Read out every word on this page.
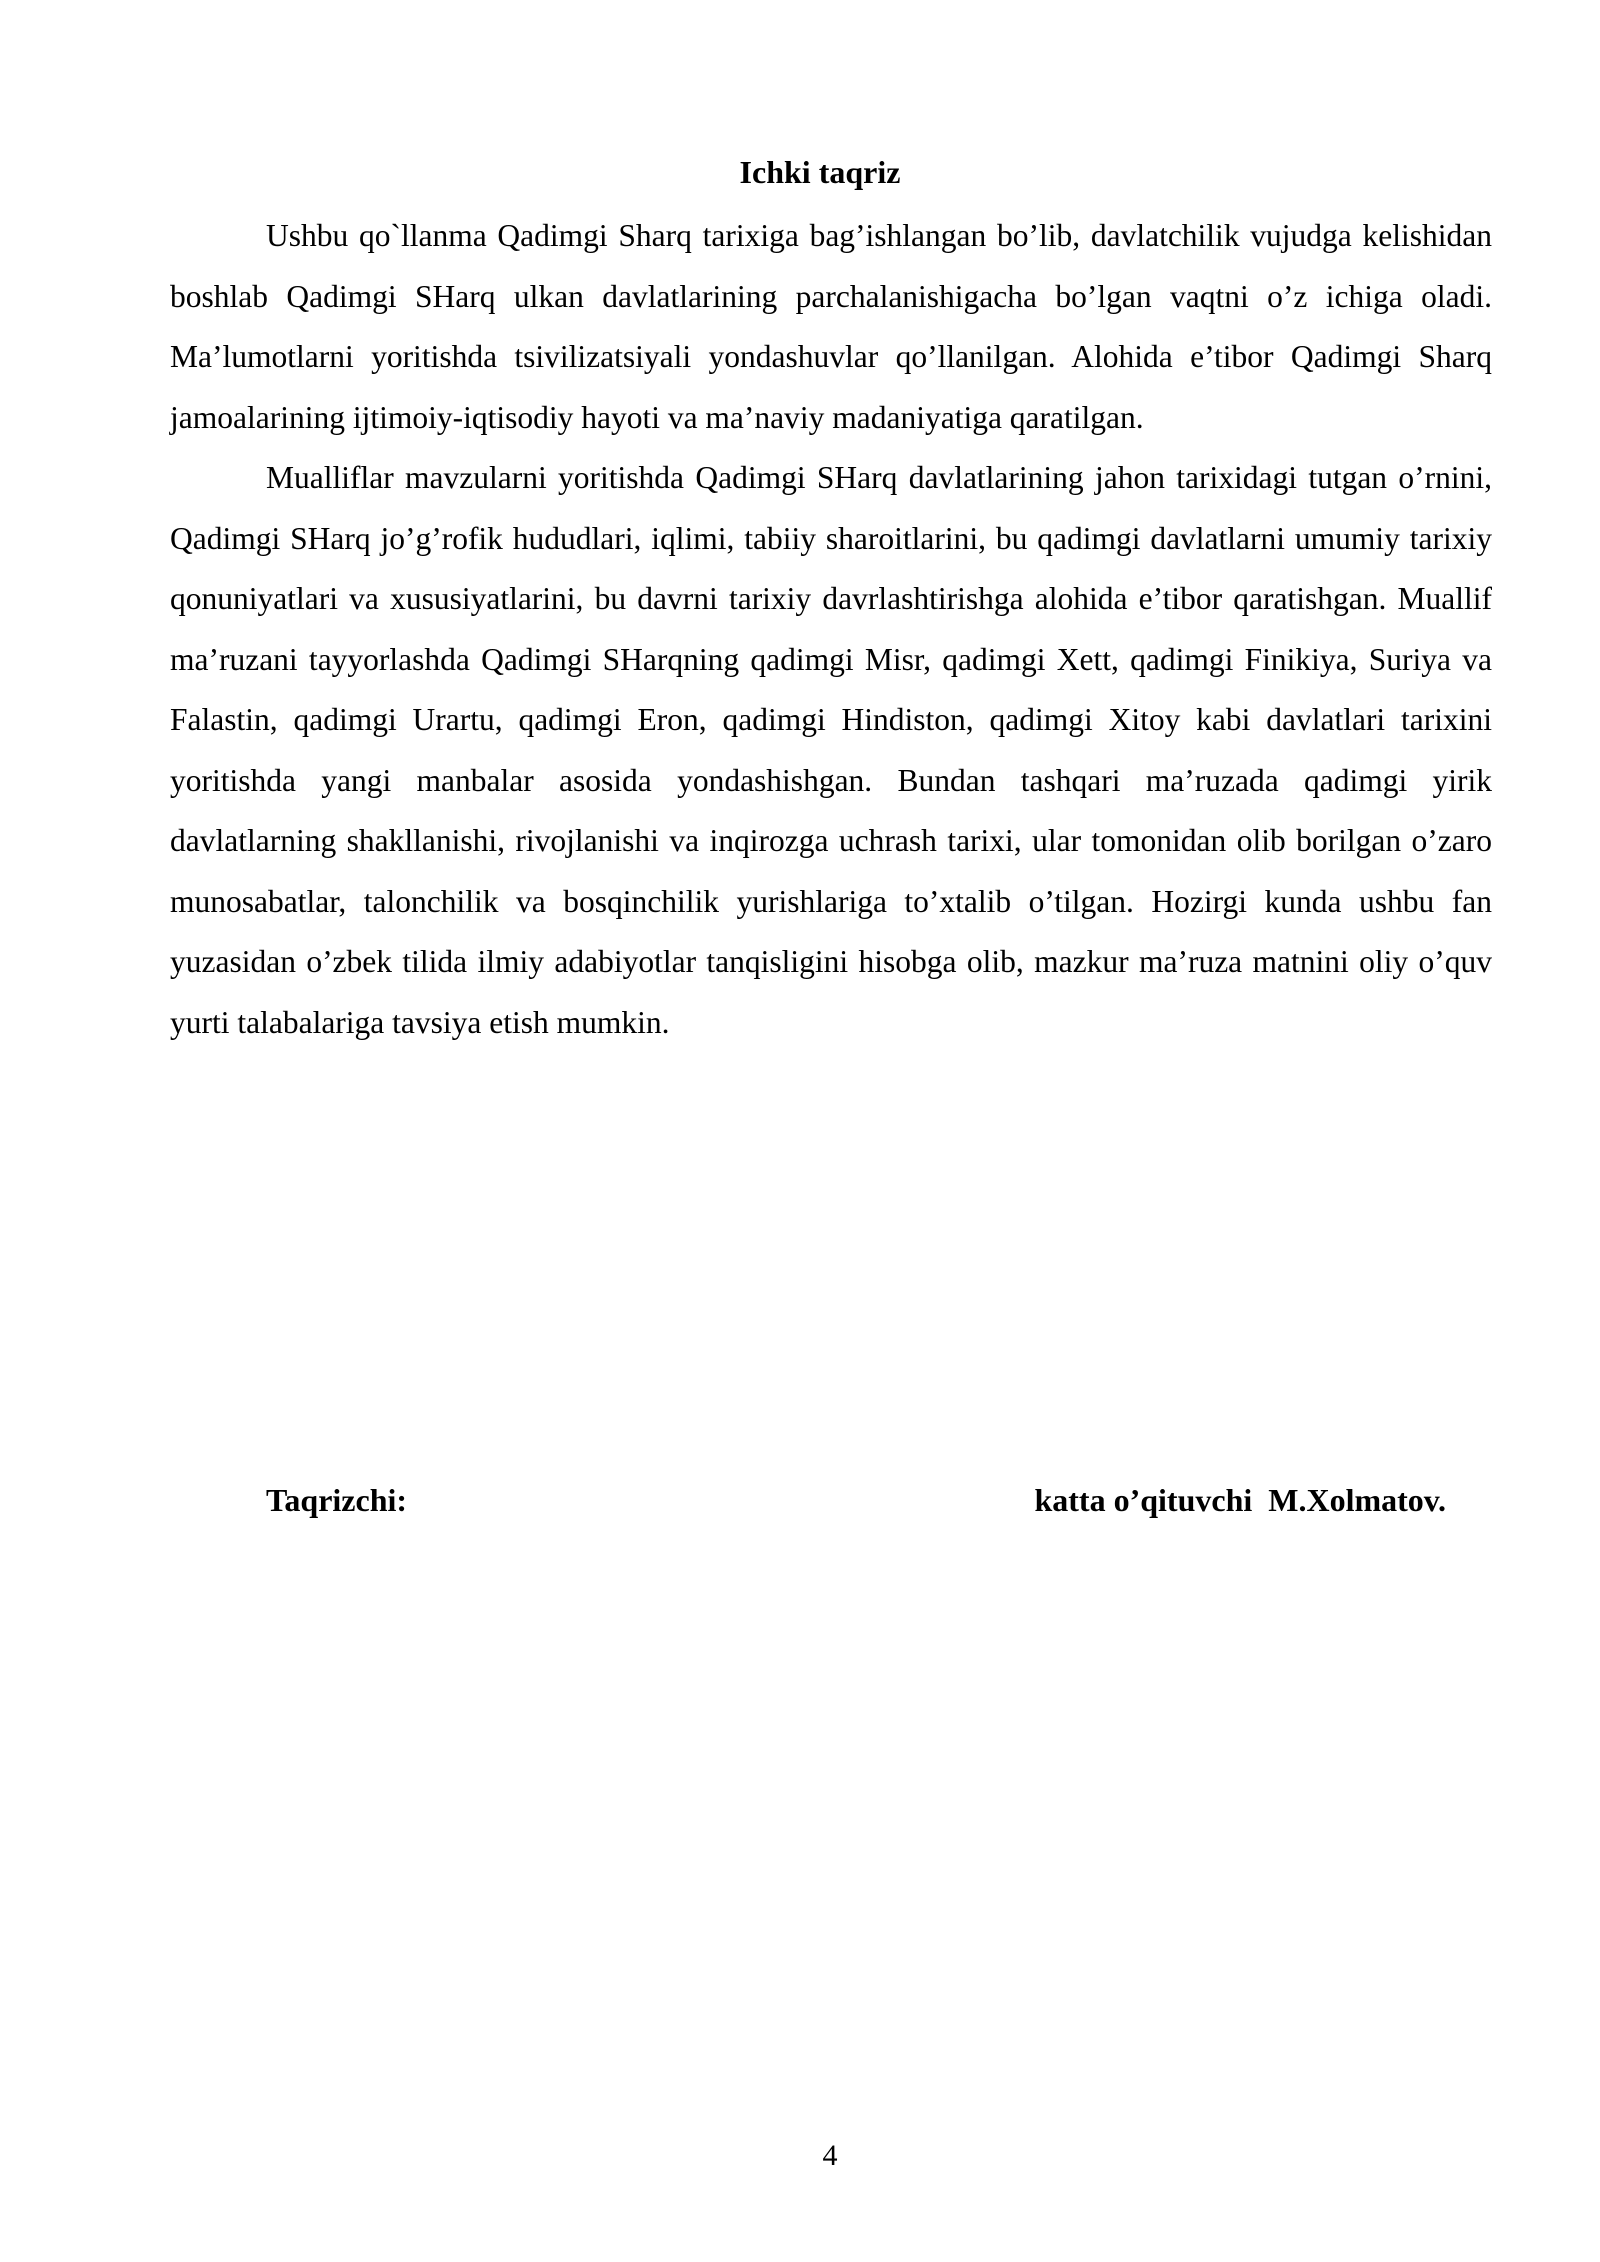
Ichki taqriz

Ushbu qo`llanma Qadimgi Sharq tarixiga bag’ishlangan bo’lib, davlatchilik vujudga kelishidan boshlab Qadimgi SHarq ulkan davlatlarining parchalanishigacha bo’lgan vaqtni o’z ichiga oladi. Ma’lumotlarni yoritishda tsivilizatsiyali yondashuvlar qo’llanilgan. Alohida e’tibor Qadimgi Sharq jamoalarining ijtimoiy-iqtisodiy hayoti va ma’naviy madaniyatiga qaratilgan.

Mualliflar mavzularni yoritishda Qadimgi SHarq davlatlarining jahon tarixidagi tutgan o’rnini, Qadimgi SHarq jo’g’rofik hududlari, iqlimi, tabiiy sharoitlarini, bu qadimgi davlatlarni umumiy tarixiy qonuniyatlari va xususiyatlarini, bu davrni tarixiy davrlashtirishga alohida e’tibor qaratishgan. Muallif ma’ruzani tayyorlashda Qadimgi SHarqning qadimgi Misr, qadimgi Xett, qadimgi Finikiya, Suriya va Falastin, qadimgi Urartu, qadimgi Eron, qadimgi Hindiston, qadimgi Xitoy kabi davlatlari tarixini yoritishda yangi manbalar asosida yondashishgan. Bundan tashqari ma’ruzada qadimgi yirik davlatlarning shakllanishi, rivojlanishi va inqirozga uchrash tarixi, ular tomonidan olib borilgan o’zaro munosabatlar, talonchilik va bosqinchilik yurishlariga to’xtalib o’tilgan. Hozirgi kunda ushbu fan yuzasidan o’zbek tilida ilmiy adabiyotlar tanqisligini hisobga olib, mazkur ma’ruza matnini oliy o’quv yurti talabalariga tavsiya etish mumkin.

Taqrizchi:	katta o’qituvchi  M.Xolmatov.
4
